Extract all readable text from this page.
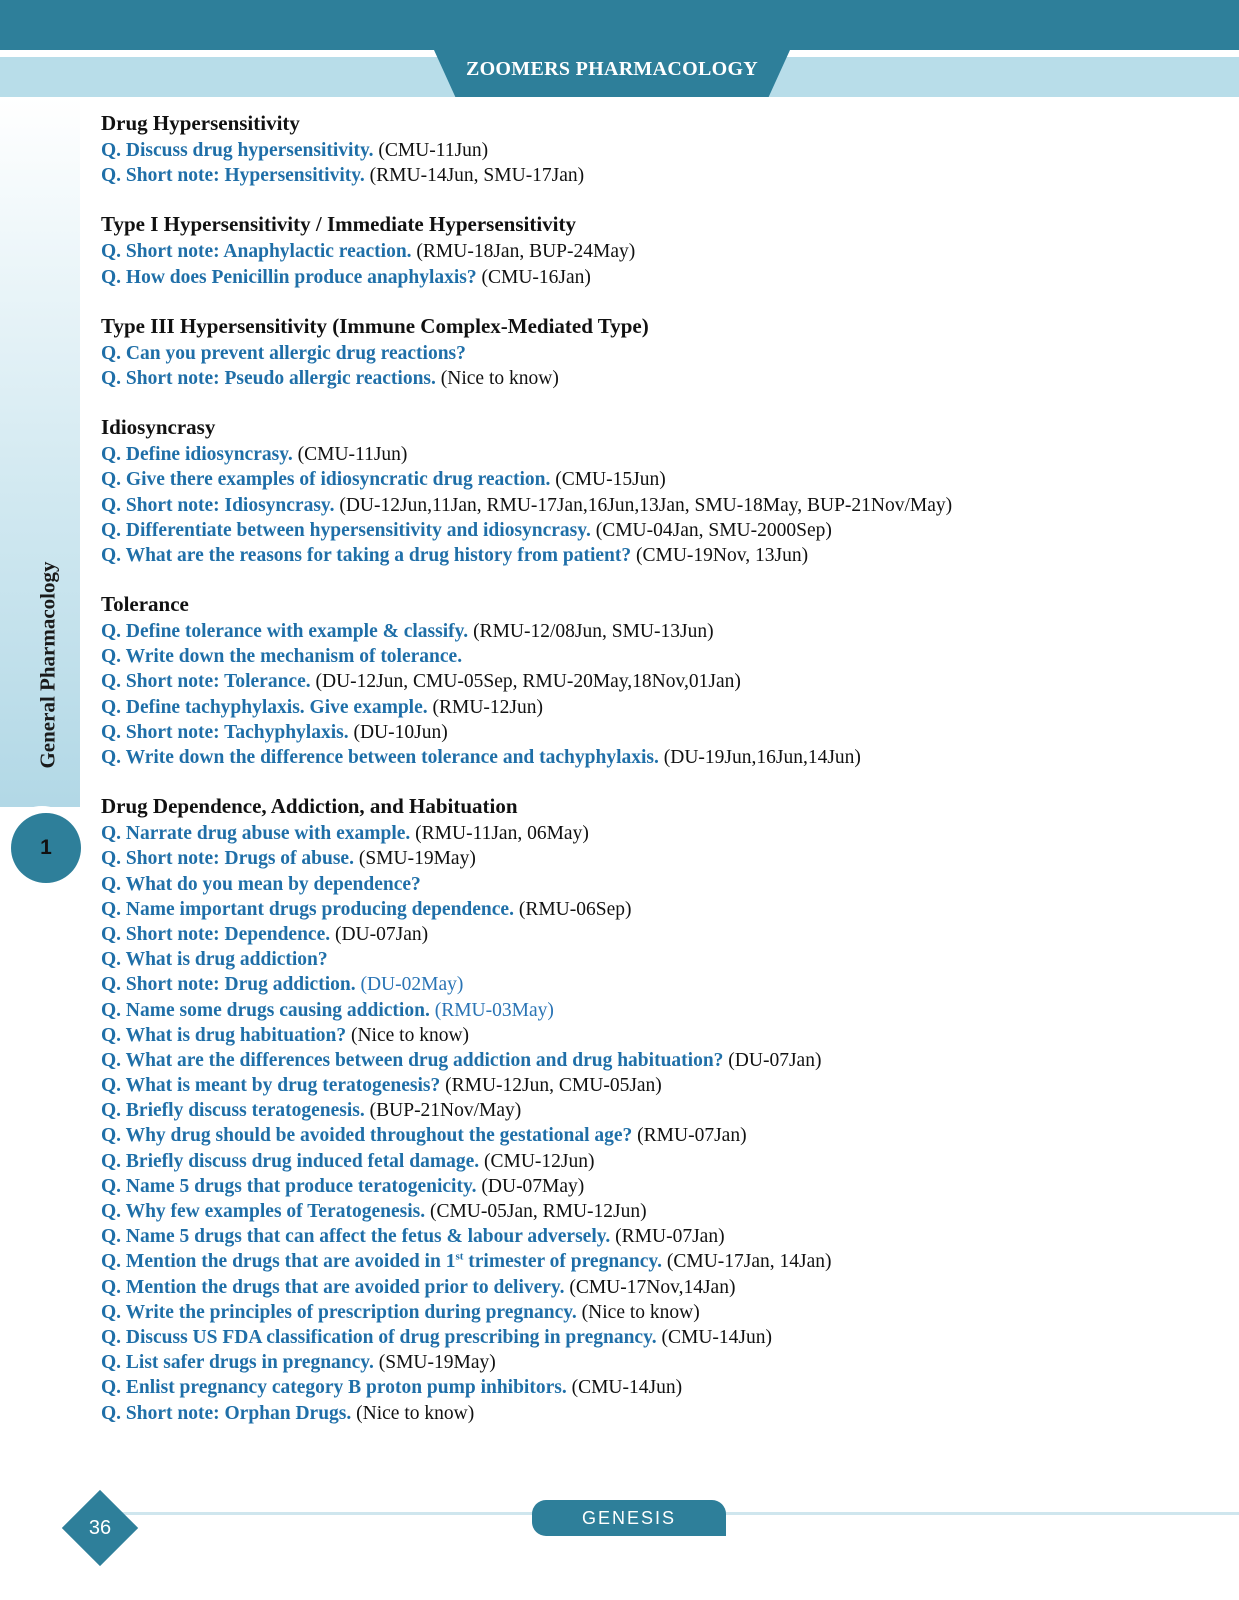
ZOOMERS PHARMACOLOGY
General Pharmacology
1
Drug Hypersensitivity
Q. Discuss drug hypersensitivity. (CMU-11Jun)
Q. Short note: Hypersensitivity. (RMU-14Jun, SMU-17Jan)
Type I Hypersensitivity / Immediate Hypersensitivity
Q. Short note: Anaphylactic reaction. (RMU-18Jan, BUP-24May)
Q. How does Penicillin produce anaphylaxis? (CMU-16Jan)
Type III Hypersensitivity (Immune Complex-Mediated Type)
Q. Can you prevent allergic drug reactions?
Q. Short note: Pseudo allergic reactions. (Nice to know)
Idiosyncrasy
Q. Define idiosyncrasy. (CMU-11Jun)
Q. Give there examples of idiosyncratic drug reaction. (CMU-15Jun)
Q. Short note: Idiosyncrasy. (DU-12Jun,11Jan, RMU-17Jan,16Jun,13Jan, SMU-18May, BUP-21Nov/May)
Q. Differentiate between hypersensitivity and idiosyncrasy. (CMU-04Jan, SMU-2000Sep)
Q. What are the reasons for taking a drug history from patient? (CMU-19Nov, 13Jun)
Tolerance
Q. Define tolerance with example & classify. (RMU-12/08Jun, SMU-13Jun)
Q. Write down the mechanism of tolerance.
Q. Short note: Tolerance. (DU-12Jun, CMU-05Sep, RMU-20May,18Nov,01Jan)
Q. Define tachyphylaxis. Give example. (RMU-12Jun)
Q. Short note: Tachyphylaxis. (DU-10Jun)
Q. Write down the difference between tolerance and tachyphylaxis. (DU-19Jun,16Jun,14Jun)
Drug Dependence, Addiction, and Habituation
Q. Narrate drug abuse with example. (RMU-11Jan, 06May)
Q. Short note: Drugs of abuse. (SMU-19May)
Q. What do you mean by dependence?
Q. Name important drugs producing dependence. (RMU-06Sep)
Q. Short note: Dependence. (DU-07Jan)
Q. What is drug addiction?
Q. Short note: Drug addiction. (DU-02May)
Q. Name some drugs causing addiction. (RMU-03May)
Q. What is drug habituation? (Nice to know)
Q. What are the differences between drug addiction and drug habituation? (DU-07Jan)
Q. What is meant by drug teratogenesis? (RMU-12Jun, CMU-05Jan)
Q. Briefly discuss teratogenesis. (BUP-21Nov/May)
Q. Why drug should be avoided throughout the gestational age? (RMU-07Jan)
Q. Briefly discuss drug induced fetal damage. (CMU-12Jun)
Q. Name 5 drugs that produce teratogenicity. (DU-07May)
Q. Why few examples of Teratogenesis. (CMU-05Jan, RMU-12Jun)
Q. Name 5 drugs that can affect the fetus & labour adversely. (RMU-07Jan)
Q. Mention the drugs that are avoided in 1st trimester of pregnancy. (CMU-17Jan, 14Jan)
Q. Mention the drugs that are avoided prior to delivery. (CMU-17Nov,14Jan)
Q. Write the principles of prescription during pregnancy. (Nice to know)
Q. Discuss US FDA classification of drug prescribing in pregnancy. (CMU-14Jun)
Q. List safer drugs in pregnancy. (SMU-19May)
Q. Enlist pregnancy category B proton pump inhibitors. (CMU-14Jun)
Q. Short note: Orphan Drugs. (Nice to know)
GENESIS
36
